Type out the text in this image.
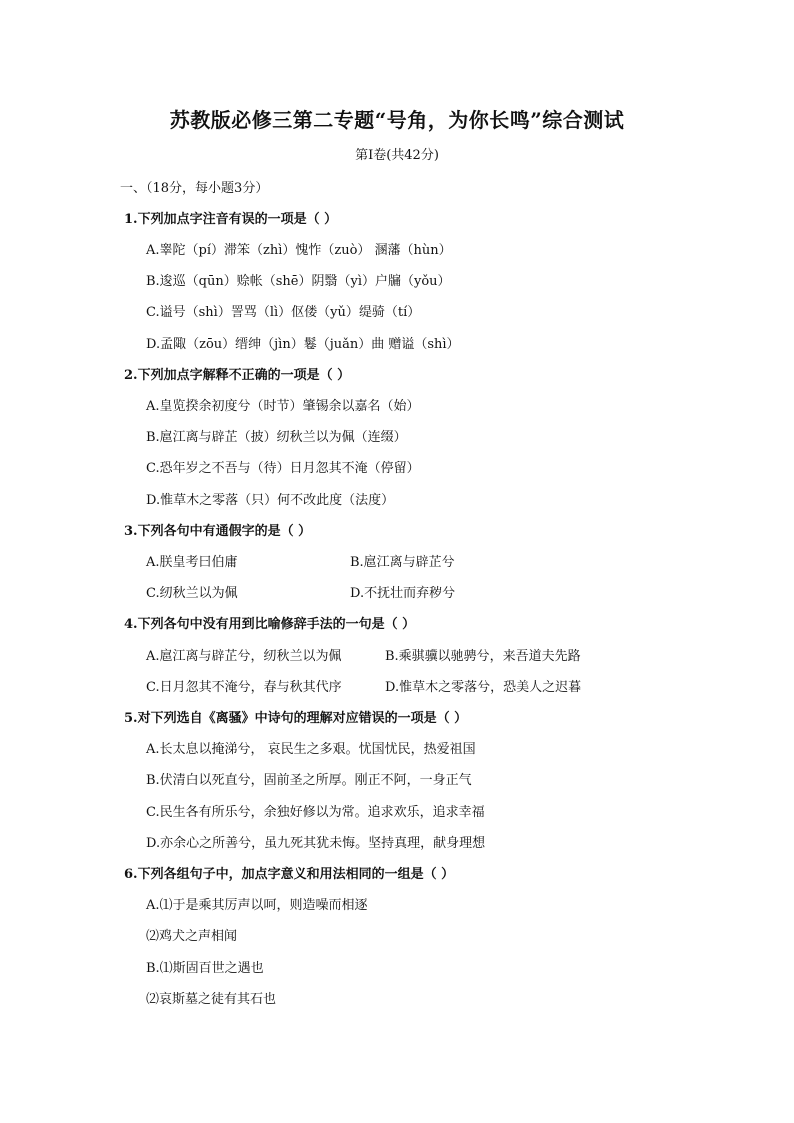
苏教版必修三第二专题“号角，为你长鸣”综合测试
第Ⅰ卷(共42分)
一、（18分，每小题3分）
1.下列加点字注音有误的一项是（ ）
A.睾陀（pí）滞笨（zhì）愧怍（zuò） 溷藩（hùn）
B.逡巡（qūn）赊帐（shē）阴翳（yì）户牖（yǒu）
C.谥号（shì）詈骂（lì）伛偻（yǔ）缇骑（tí）
D.孟陬（zōu）缙绅（jìn）鬈（juǎn）曲 赠谥（shì）
2.下列加点字解释不正确的一项是（ ）
A.皇览揆余初度兮（时节）肇锡余以嘉名（始）
B.扈江离与辟芷（披）纫秋兰以为佩（连缀）
C.恐年岁之不吾与（待）日月忽其不淹（停留）
D.惟草木之零落（只）何不改此度（法度）
3.下列各句中有通假字的是（ ）
A.朕皇考曰伯庸	B.扈江离与辟芷兮
C.纫秋兰以为佩	D.不抚壮而弃秽兮
4.下列各句中没有用到比喻修辞手法的一句是（ ）
A.扈江离与辟芷兮，纫秋兰以为佩	B.乘骐骥以驰骋兮，来吾道夫先路
C.日月忽其不淹兮，春与秋其代序	D.惟草木之零落兮，恐美人之迟暮
5.对下列选自《离骚》中诗句的理解对应错误的一项是（ ）
A.长太息以掩涕兮， 哀民生之多艰。忧国忧民，热爱祖国
B.伏清白以死直兮，固前圣之所厚。刚正不阿，一身正气
C.民生各有所乐兮，余独好修以为常。追求欢乐，追求幸福
D.亦余心之所善兮，虽九死其犹未悔。坚持真理，献身理想
6.下列各组句子中，加点字意义和用法相同的一组是（ ）
A.⑴于是乘其厉声以呵，则造噪而相逐
⑵鸡犬之声相闻
B.⑴斯固百世之遇也
⑵哀斯墓之徒有其石也
